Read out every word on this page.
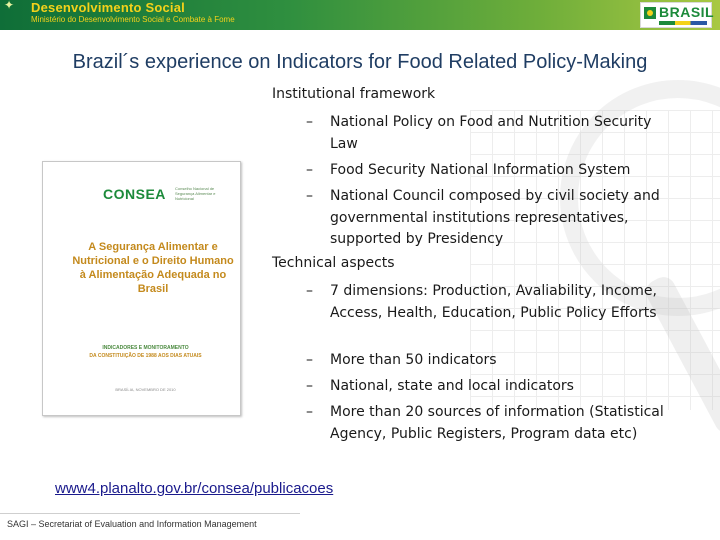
✦ Desenvolvimento Social
Ministério do Desenvolvimento Social e Combate à Fome	BRASIL
Brazil´s experience on Indicators for Food Related Policy-Making
CONSEA Conselho Nacional de Segurança Alimentar e Nutricional
A Segurança Alimentar e Nutricional e o Direito Humano à Alimentação Adequada no Brasil
INDICADORES E MONITORAMENTO
DA CONSTITUIÇÃO DE 1988 AOS DIAS ATUAIS
BRASÍLIA, NOVEMBRO DE 2010
Institutional framework
– National Policy on Food and Nutrition Security Law
– Food Security National Information System
– National Council composed by civil society and governmental institutions representatives, supported by Presidency
Technical aspects
– 7 dimensions: Production, Avaliability, Income, Access, Health, Education, Public Policy Efforts
– More than 50 indicators
– National, state and local indicators
– More than 20 sources of information (Statistical Agency, Public Registers, Program data etc)
www4.planalto.gov.br/consea/publicacoes
SAGI – Secretariat of Evaluation and Information Management
